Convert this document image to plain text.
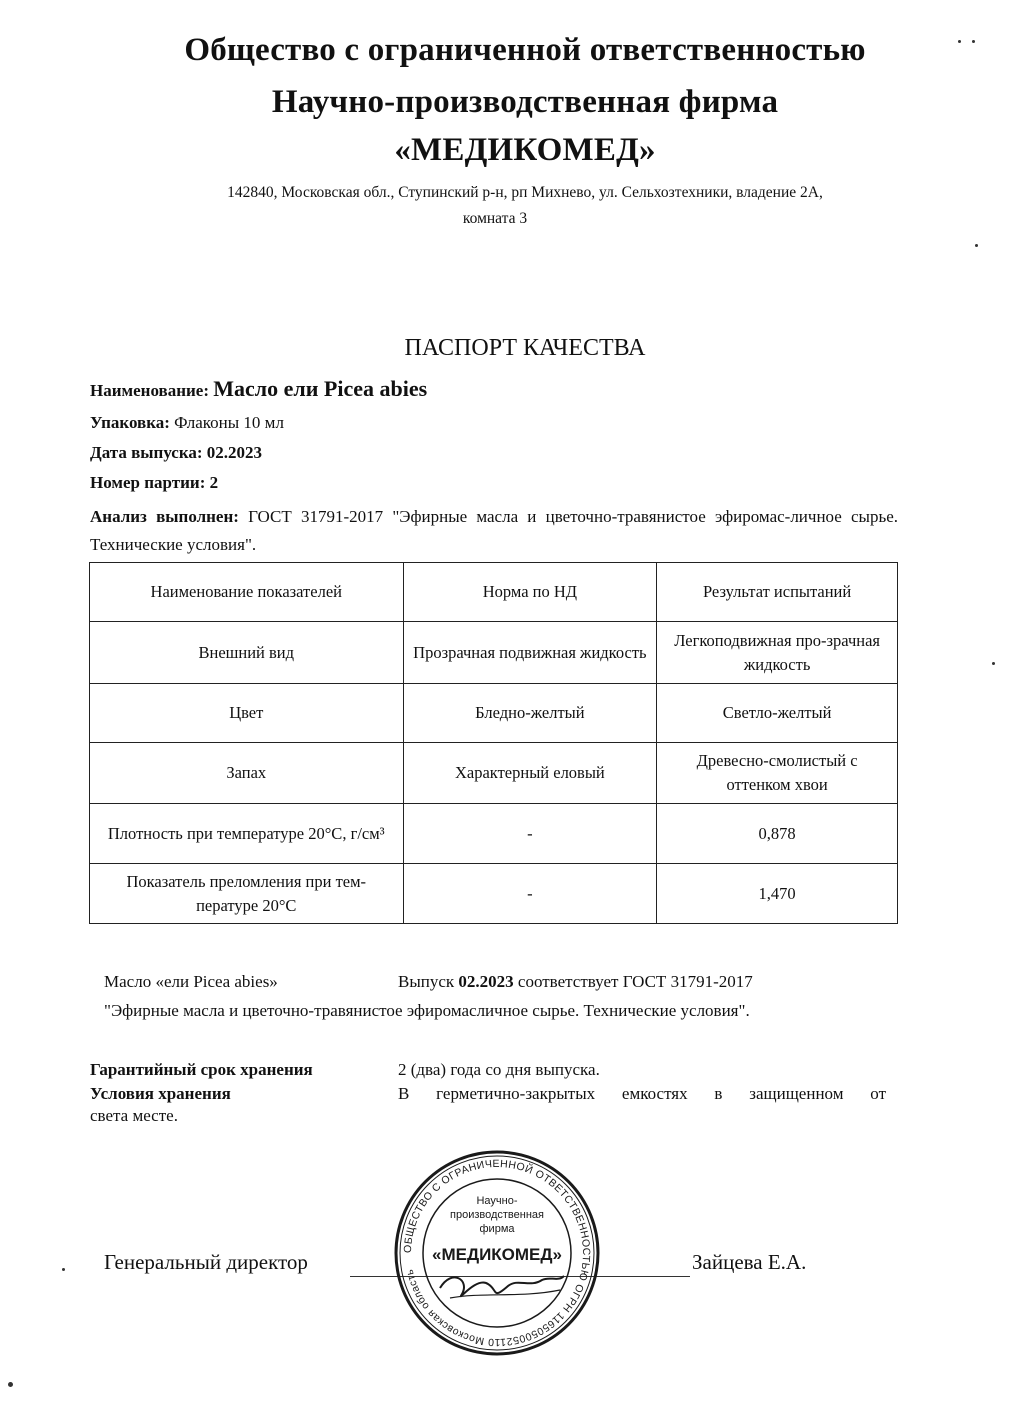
Общество с ограниченной ответственностью
Научно-производственная фирма
«МЕДИКОМЕД»
142840, Московская обл., Ступинский р-н, рп Михнево, ул. Сельхозтехники, владение 2А,
комната 3
ПАСПОРТ КАЧЕСТВА
Наименование: Масло ели Picea abies
Упаковка: Флаконы 10 мл
Дата выпуска: 02.2023
Номер партии: 2
Анализ выполнен: ГОСТ 31791-2017 "Эфирные масла и цветочно-травянистое эфиромас-личное сырье. Технические условия".
Наименование показателей	Норма по НД	Результат испытаний
Внешний вид	Прозрачная подвижная жидкость	Легкоподвижная про-зрачная жидкость
Цвет	Бледно-желтый	Светло-желтый
Запах	Характерный еловый	Древесно-смолистый с оттенком хвои
Плотность при температуре 20°С, г/см³	-	0,878
Показатель преломления при тем-пературе 20°С	-	1,470
Масло «ели Picea abies»	Выпуск 02.2023 соответствует ГОСТ 31791-2017
"Эфирные масла и цветочно-травянистое эфиромасличное сырье. Технические условия".
Гарантийный срок хранения	2 (два) года со дня выпуска.
Условия хранения	В герметично-закрытых емкостях в защищенном от
света месте.
Генеральный директор	Зайцева Е.А.
ОБЩЕСТВО С ОГРАНИЧЕННОЙ ОТВЕТСТВЕННОСТЬЮ ОГРН 1165050052110 Московская область
Научно-
производственная
фирма
«МЕДИКОМЕД»
